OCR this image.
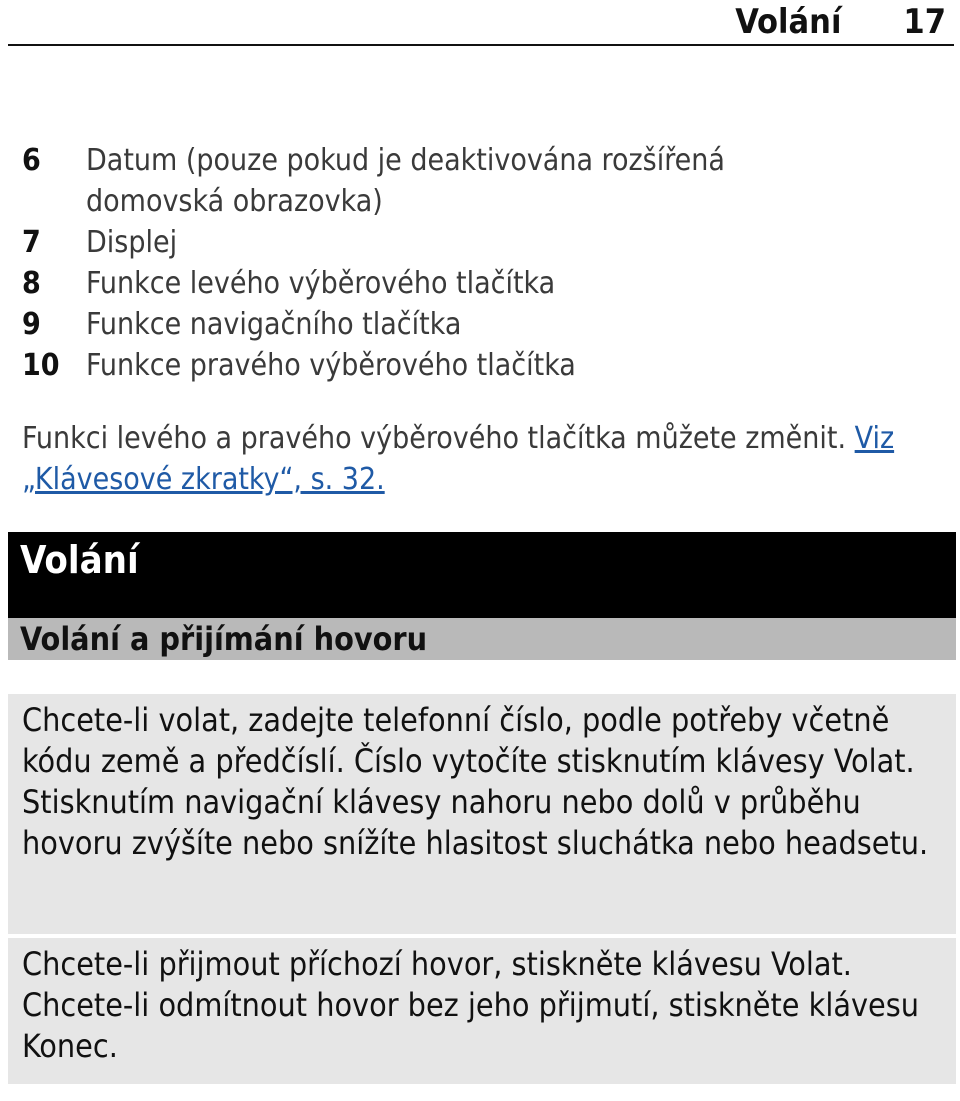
Volání 17
6	Datum (pouze pokud je deaktivována rozšířená domovská obrazovka)
7	Displej
8	Funkce levého výběrového tlačítka
9	Funkce navigačního tlačítka
10 Funkce pravého výběrového tlačítka
Funkci levého a pravého výběrového tlačítka můžete změnit. Viz „Klávesové zkratky“, s. 32.
Volání
Volání a přijímání hovoru
Chcete-li volat, zadejte telefonní číslo, podle potřeby včetně kódu země a předčíslí. Číslo vytočíte stisknutím klávesy Volat. Stisknutím navigační klávesy nahoru nebo dolů v průběhu hovoru zvýšíte nebo snížíte hlasitost sluchátka nebo headsetu.
Chcete-li přijmout příchozí hovor, stiskněte klávesu Volat. Chcete-li odmítnout hovor bez jeho přijmutí, stiskněte klávesu Konec.
